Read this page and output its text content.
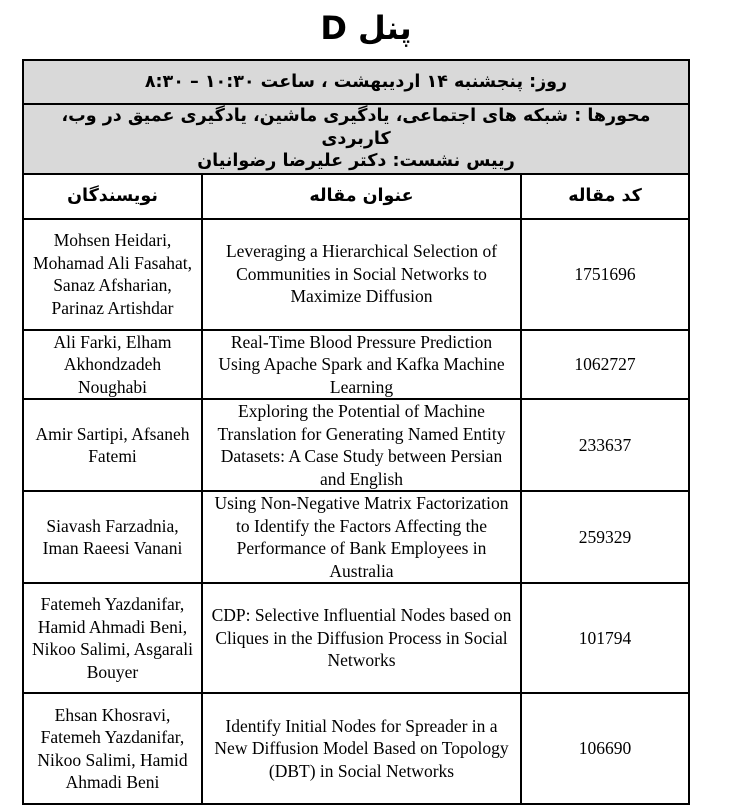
پنل D
روز: پنجشنبه ۱۴ اردیبهشت ، ساعت ۱۰:۳۰ – ۸:۳۰		

محورها : شبکه های اجتماعی، یادگیری ماشین، یادگیری عمیق در وب، کاربردی
رییس نشست: دکتر علیرضا رضوانیان		

نویسندگان	عنوان مقاله	کد مقاله
Mohsen Heidari, Mohamad Ali Fasahat, Sanaz Afsharian, Parinaz Artishdar	Leveraging a Hierarchical Selection of Communities in Social Networks to Maximize Diffusion	1751696
Ali Farki, Elham Akhondzadeh Noughabi	Real-Time Blood Pressure Prediction Using Apache Spark and Kafka Machine Learning	1062727
Amir Sartipi, Afsaneh Fatemi	Exploring the Potential of Machine Translation for Generating Named Entity Datasets: A Case Study between Persian and English	233637
Siavash Farzadnia, Iman Raeesi Vanani	Using Non-Negative Matrix Factorization to Identify the Factors Affecting the Performance of Bank Employees in Australia	259329
Fatemeh Yazdanifar, Hamid Ahmadi Beni, Nikoo Salimi, Asgarali Bouyer	CDP: Selective Influential Nodes based on Cliques in the Diffusion Process in Social Networks	101794
Ehsan Khosravi, Fatemeh Yazdanifar, Nikoo Salimi, Hamid Ahmadi Beni	Identify Initial Nodes for Spreader in a New Diffusion Model Based on Topology (DBT) in Social Networks	106690
